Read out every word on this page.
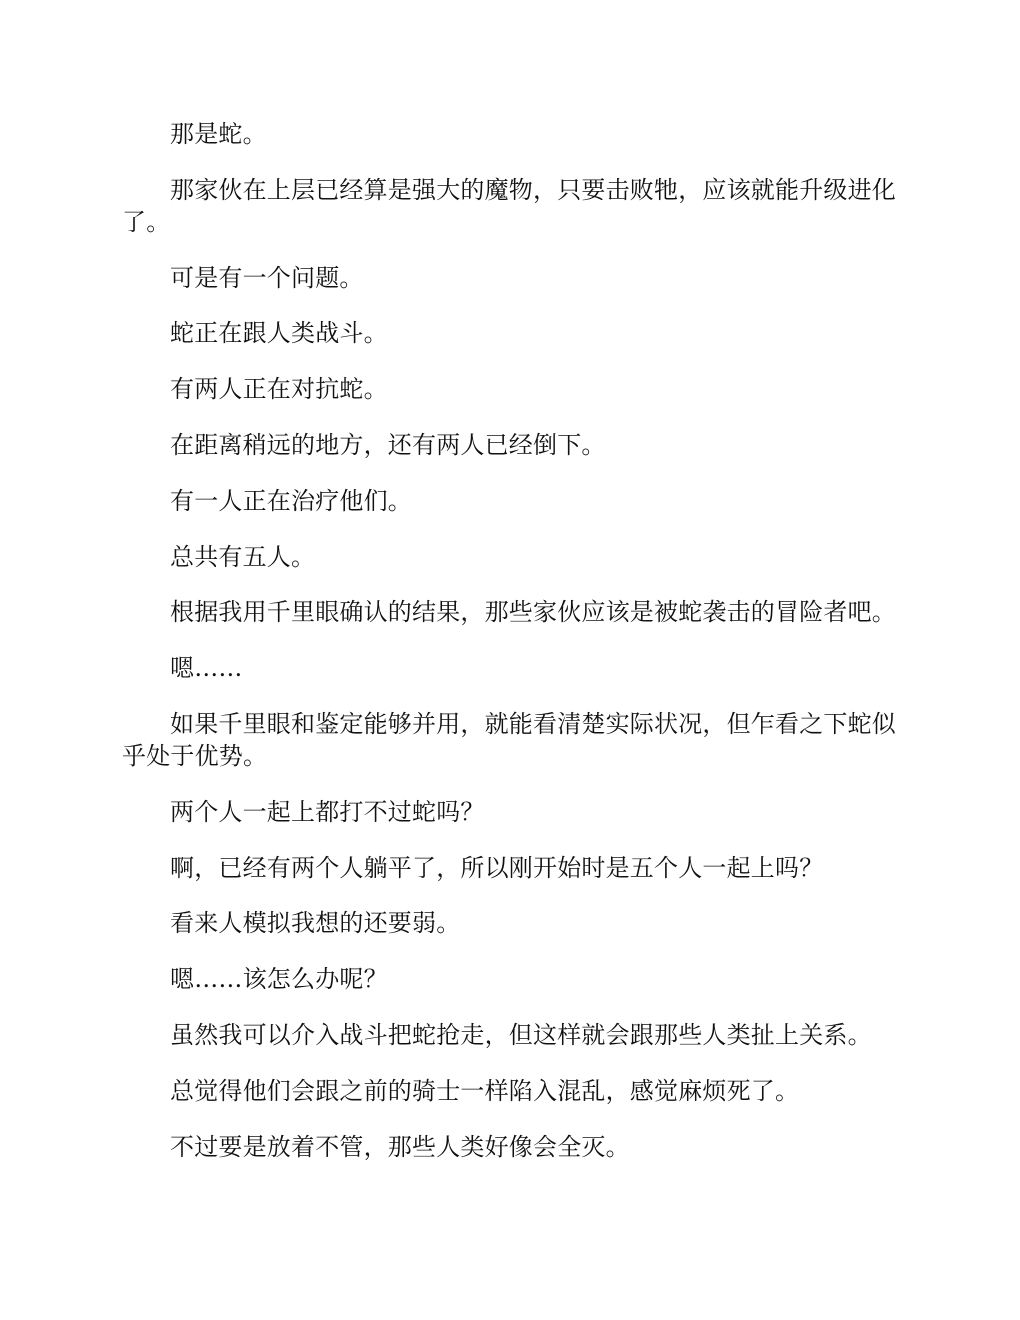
那是蛇。

那家伙在上层已经算是强大的魔物，只要击败牠，应该就能升级进化了。

可是有一个问题。

蛇正在跟人类战斗。

有两人正在对抗蛇。

在距离稍远的地方，还有两人已经倒下。

有一人正在治疗他们。

总共有五人。

根据我用千里眼确认的结果，那些家伙应该是被蛇袭击的冒险者吧。

嗯……

如果千里眼和鉴定能够并用，就能看清楚实际状况，但乍看之下蛇似乎处于优势。

两个人一起上都打不过蛇吗？

啊，已经有两个人躺平了，所以刚开始时是五个人一起上吗？

看来人模拟我想的还要弱。

嗯……该怎么办呢？

虽然我可以介入战斗把蛇抢走，但这样就会跟那些人类扯上关系。

总觉得他们会跟之前的骑士一样陷入混乱，感觉麻烦死了。

不过要是放着不管，那些人类好像会全灭。
